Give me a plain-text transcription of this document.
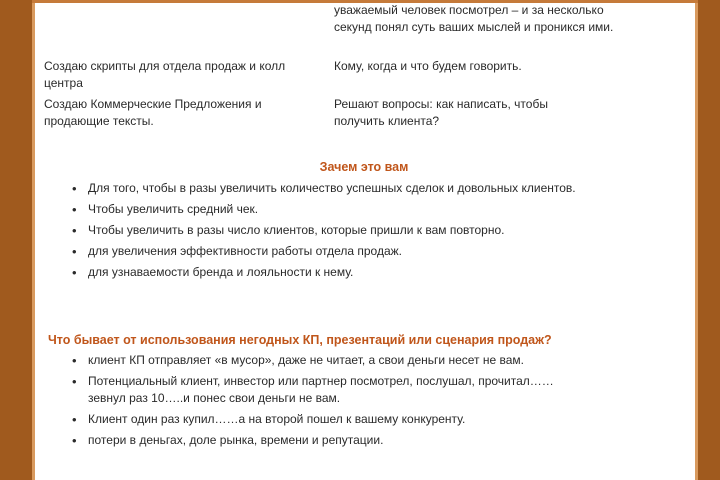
Создаю скрипты для отдела продаж и колл центра
Создаю Коммерческие Предложения и продающие тексты.
уважаемый человек посмотрел – и за несколько секунд понял суть ваших мыслей и проникся ими.
Кому, когда и что будем говорить.
Решают вопросы: как написать, чтобы получить клиента?
Зачем это вам
• Для того, чтобы в разы увеличить количество успешных сделок и довольных клиентов.
• Чтобы увеличить средний чек.
• Чтобы увеличить в разы число клиентов, которые пришли к вам повторно.
• для увеличения эффективности работы отдела продаж.
• для узнаваемости бренда и лояльности к нему.
Что бывает от использования негодных КП, презентаций или сценария продаж?
• клиент КП отправляет «в мусор», даже не читает, а свои деньги несет не вам.
• Потенциальный клиент, инвестор или партнер посмотрел, послушал, прочитал……зевнул раз 10…..и понес свои деньги не вам.
• Клиент один раз купил……а на второй пошел к вашему конкуренту.
• потери в деньгах, доле рынка, времени и репутации.
